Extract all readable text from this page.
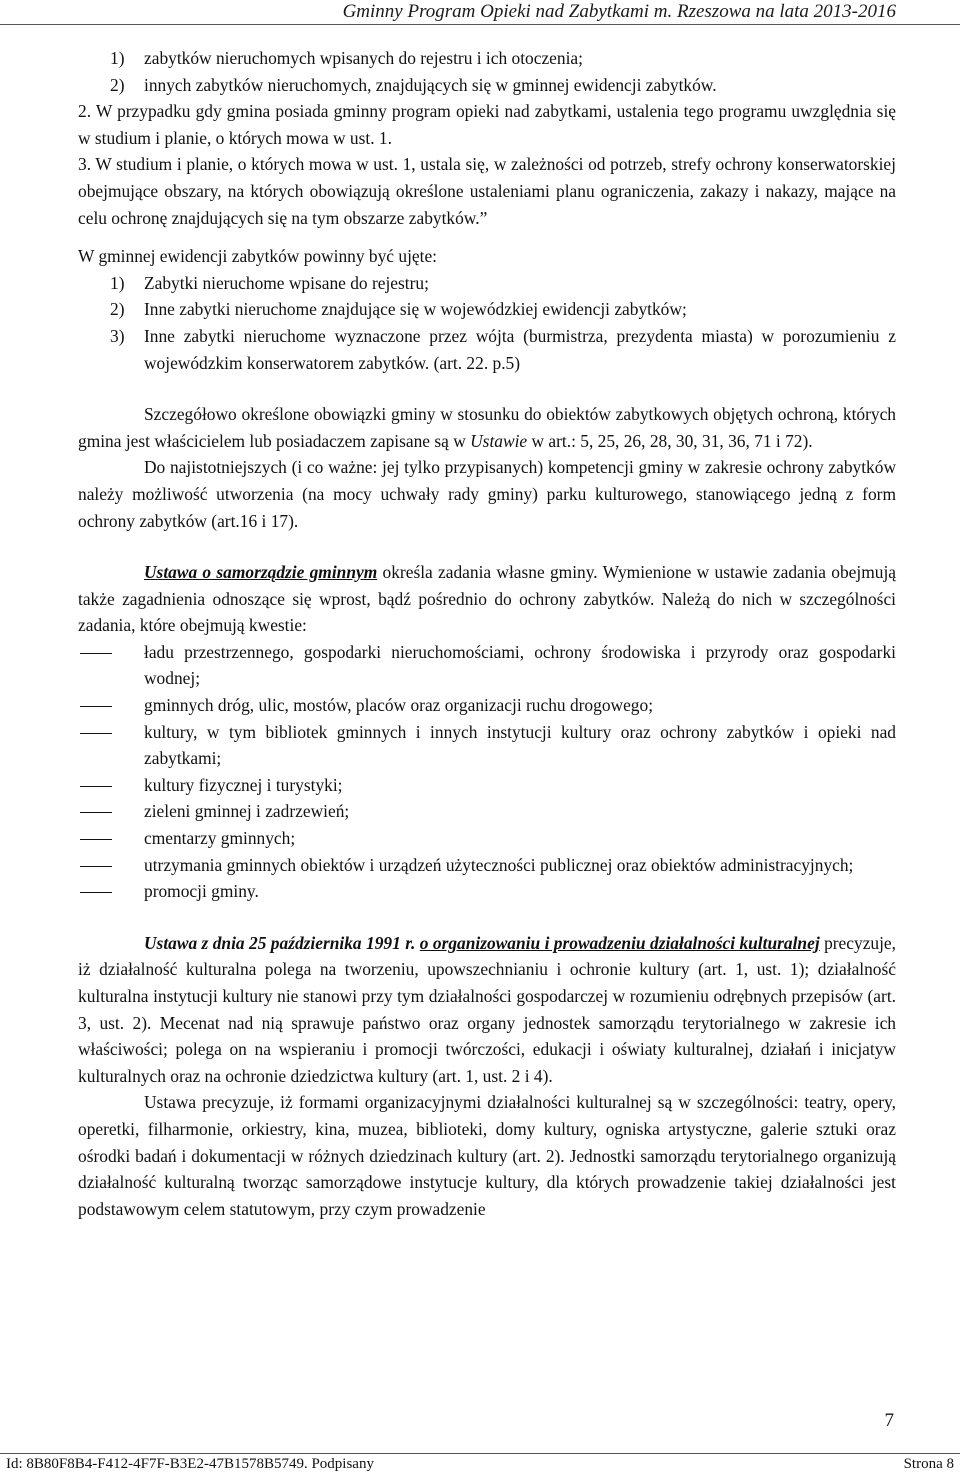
Gminny Program Opieki nad Zabytkami m. Rzeszowa na lata 2013-2016
1) zabytków nieruchomych wpisanych do rejestru i ich otoczenia;
2) innych zabytków nieruchomych, znajdujących się w gminnej ewidencji zabytków.

2. W przypadku gdy gmina posiada gminny program opieki nad zabytkami, ustalenia tego programu uwzględnia się w studium i planie, o których mowa w ust. 1.

3. W studium i planie, o których mowa w ust. 1, ustala się, w zależności od potrzeb, strefy ochrony konserwatorskiej obejmujące obszary, na których obowiązują określone ustaleniami planu ograniczenia, zakazy i nakazy, mające na celu ochronę znajdujących się na tym obszarze zabytków.”

W gminnej ewidencji zabytków powinny być ujęte:

1) Zabytki nieruchome wpisane do rejestru;
2) Inne zabytki nieruchome znajdujące się w wojewódzkiej ewidencji zabytków;
3) Inne zabytki nieruchome wyznaczone przez wójta (burmistrza, prezydenta miasta) w porozumieniu z wojewódzkim konserwatorem zabytków. (art. 22. p.5)

Szczegółowo określone obowiązki gminy w stosunku do obiektów zabytkowych objętych ochroną, których gmina jest właścicielem lub posiadaczem zapisane są w Ustawie w art.: 5, 25, 26, 28, 30, 31, 36, 71 i 72).

Do najistotniejszych (i co ważne: jej tylko przypisanych) kompetencji gminy w zakresie ochrony zabytków należy możliwość utworzenia (na mocy uchwały rady gminy) parku kulturowego, stanowiącego jedną z form ochrony zabytków (art.16 i 17).

Ustawa o samorządzie gminnym określa zadania własne gminy. Wymienione w ustawie zadania obejmują także zagadnienia odnoszące się wprost, bądź pośrednio do ochrony zabytków. Należą do nich w szczególności zadania, które obejmują kwestie:

ładu przestrzennego, gospodarki nieruchomościami, ochrony środowiska i przyrody oraz gospodarki wodnej;
gminnych dróg, ulic, mostów, placów oraz organizacji ruchu drogowego;
kultury, w tym bibliotek gminnych i innych instytucji kultury oraz ochrony zabytków i opieki nad zabytkami;
kultury fizycznej i turystyki;
zieleni gminnej i zadrzewień;
cmentarzy gminnych;
utrzymania gminnych obiektów i urządzeń użyteczności publicznej oraz obiektów administracyjnych;
promocji gminy.

Ustawa z dnia 25 października 1991 r. o organizowaniu i prowadzeniu działalności kulturalnej precyzuje, iż działalność kulturalna polega na tworzeniu, upowszechnianiu i ochronie kultury (art. 1, ust. 1); działalność kulturalna instytucji kultury nie stanowi przy tym działalności gospodarczej w rozumieniu odrębnych przepisów (art. 3, ust. 2). Mecenat nad nią sprawuje państwo oraz organy jednostek samorządu terytorialnego w zakresie ich właściwości; polega on na wspieraniu i promocji twórczości, edukacji i oświaty kulturalnej, działań i inicjatyw kulturalnych oraz na ochronie dziedzictwa kultury (art. 1, ust. 2 i 4).

Ustawa precyzuje, iż formami organizacyjnymi działalności kulturalnej są w szczególności: teatry, opery, operetki, filharmonie, orkiestry, kina, muzea, biblioteki, domy kultury, ogniska artystyczne, galerie sztuki oraz ośrodki badań i dokumentacji w różnych dziedzinach kultury (art. 2). Jednostki samorządu terytorialnego organizują działalność kulturalną tworząc samorządowe instytucje kultury, dla których prowadzenie takiej działalności jest podstawowym celem statutowym, przy czym prowadzenie

7
Id: 8B80F8B4-F412-4F7F-B3E2-47B1578B5749. Podpisany	Strona 8
